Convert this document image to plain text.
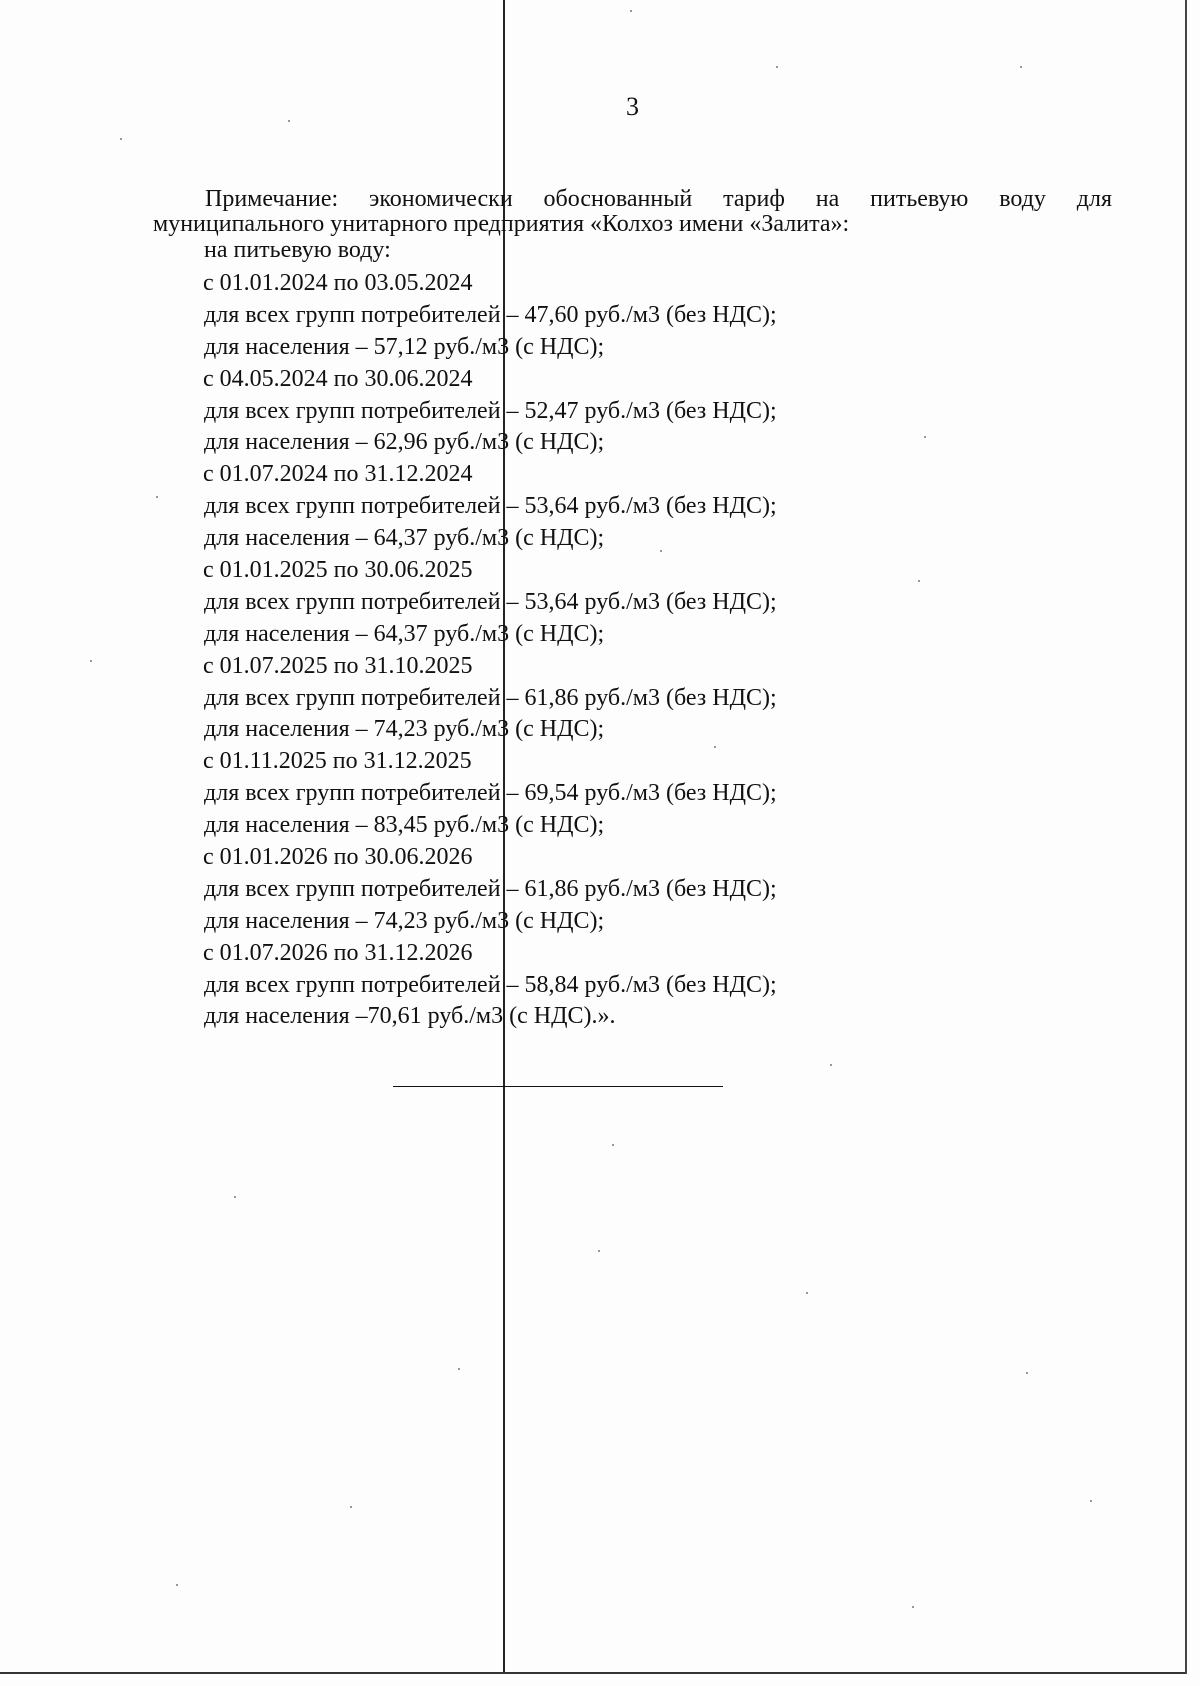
3
Примечание: экономически обоснованный тариф на питьевую воду для
муниципального унитарного предприятия «Колхоз имени «Залита»:
на питьевую воду:
с 01.01.2024 по 03.05.2024
для всех групп потребителей – 47,60 руб./м3 (без НДС);
для населения – 57,12 руб./м3 (с НДС);
с 04.05.2024 по 30.06.2024
для всех групп потребителей – 52,47 руб./м3 (без НДС);
для населения – 62,96 руб./м3 (с НДС);
с 01.07.2024 по 31.12.2024
для всех групп потребителей – 53,64 руб./м3 (без НДС);
для населения – 64,37 руб./м3 (с НДС);
с 01.01.2025 по 30.06.2025
для всех групп потребителей – 53,64 руб./м3 (без НДС);
для населения – 64,37 руб./м3 (с НДС);
с 01.07.2025 по 31.10.2025
для всех групп потребителей – 61,86 руб./м3 (без НДС);
для населения – 74,23 руб./м3 (с НДС);
с 01.11.2025 по 31.12.2025
для всех групп потребителей – 69,54 руб./м3 (без НДС);
для населения – 83,45 руб./м3 (с НДС);
с 01.01.2026 по 30.06.2026
для всех групп потребителей – 61,86 руб./м3 (без НДС);
для населения – 74,23 руб./м3 (с НДС);
с 01.07.2026 по 31.12.2026
для всех групп потребителей – 58,84 руб./м3 (без НДС);
для населения –70,61 руб./м3 (с НДС).».
